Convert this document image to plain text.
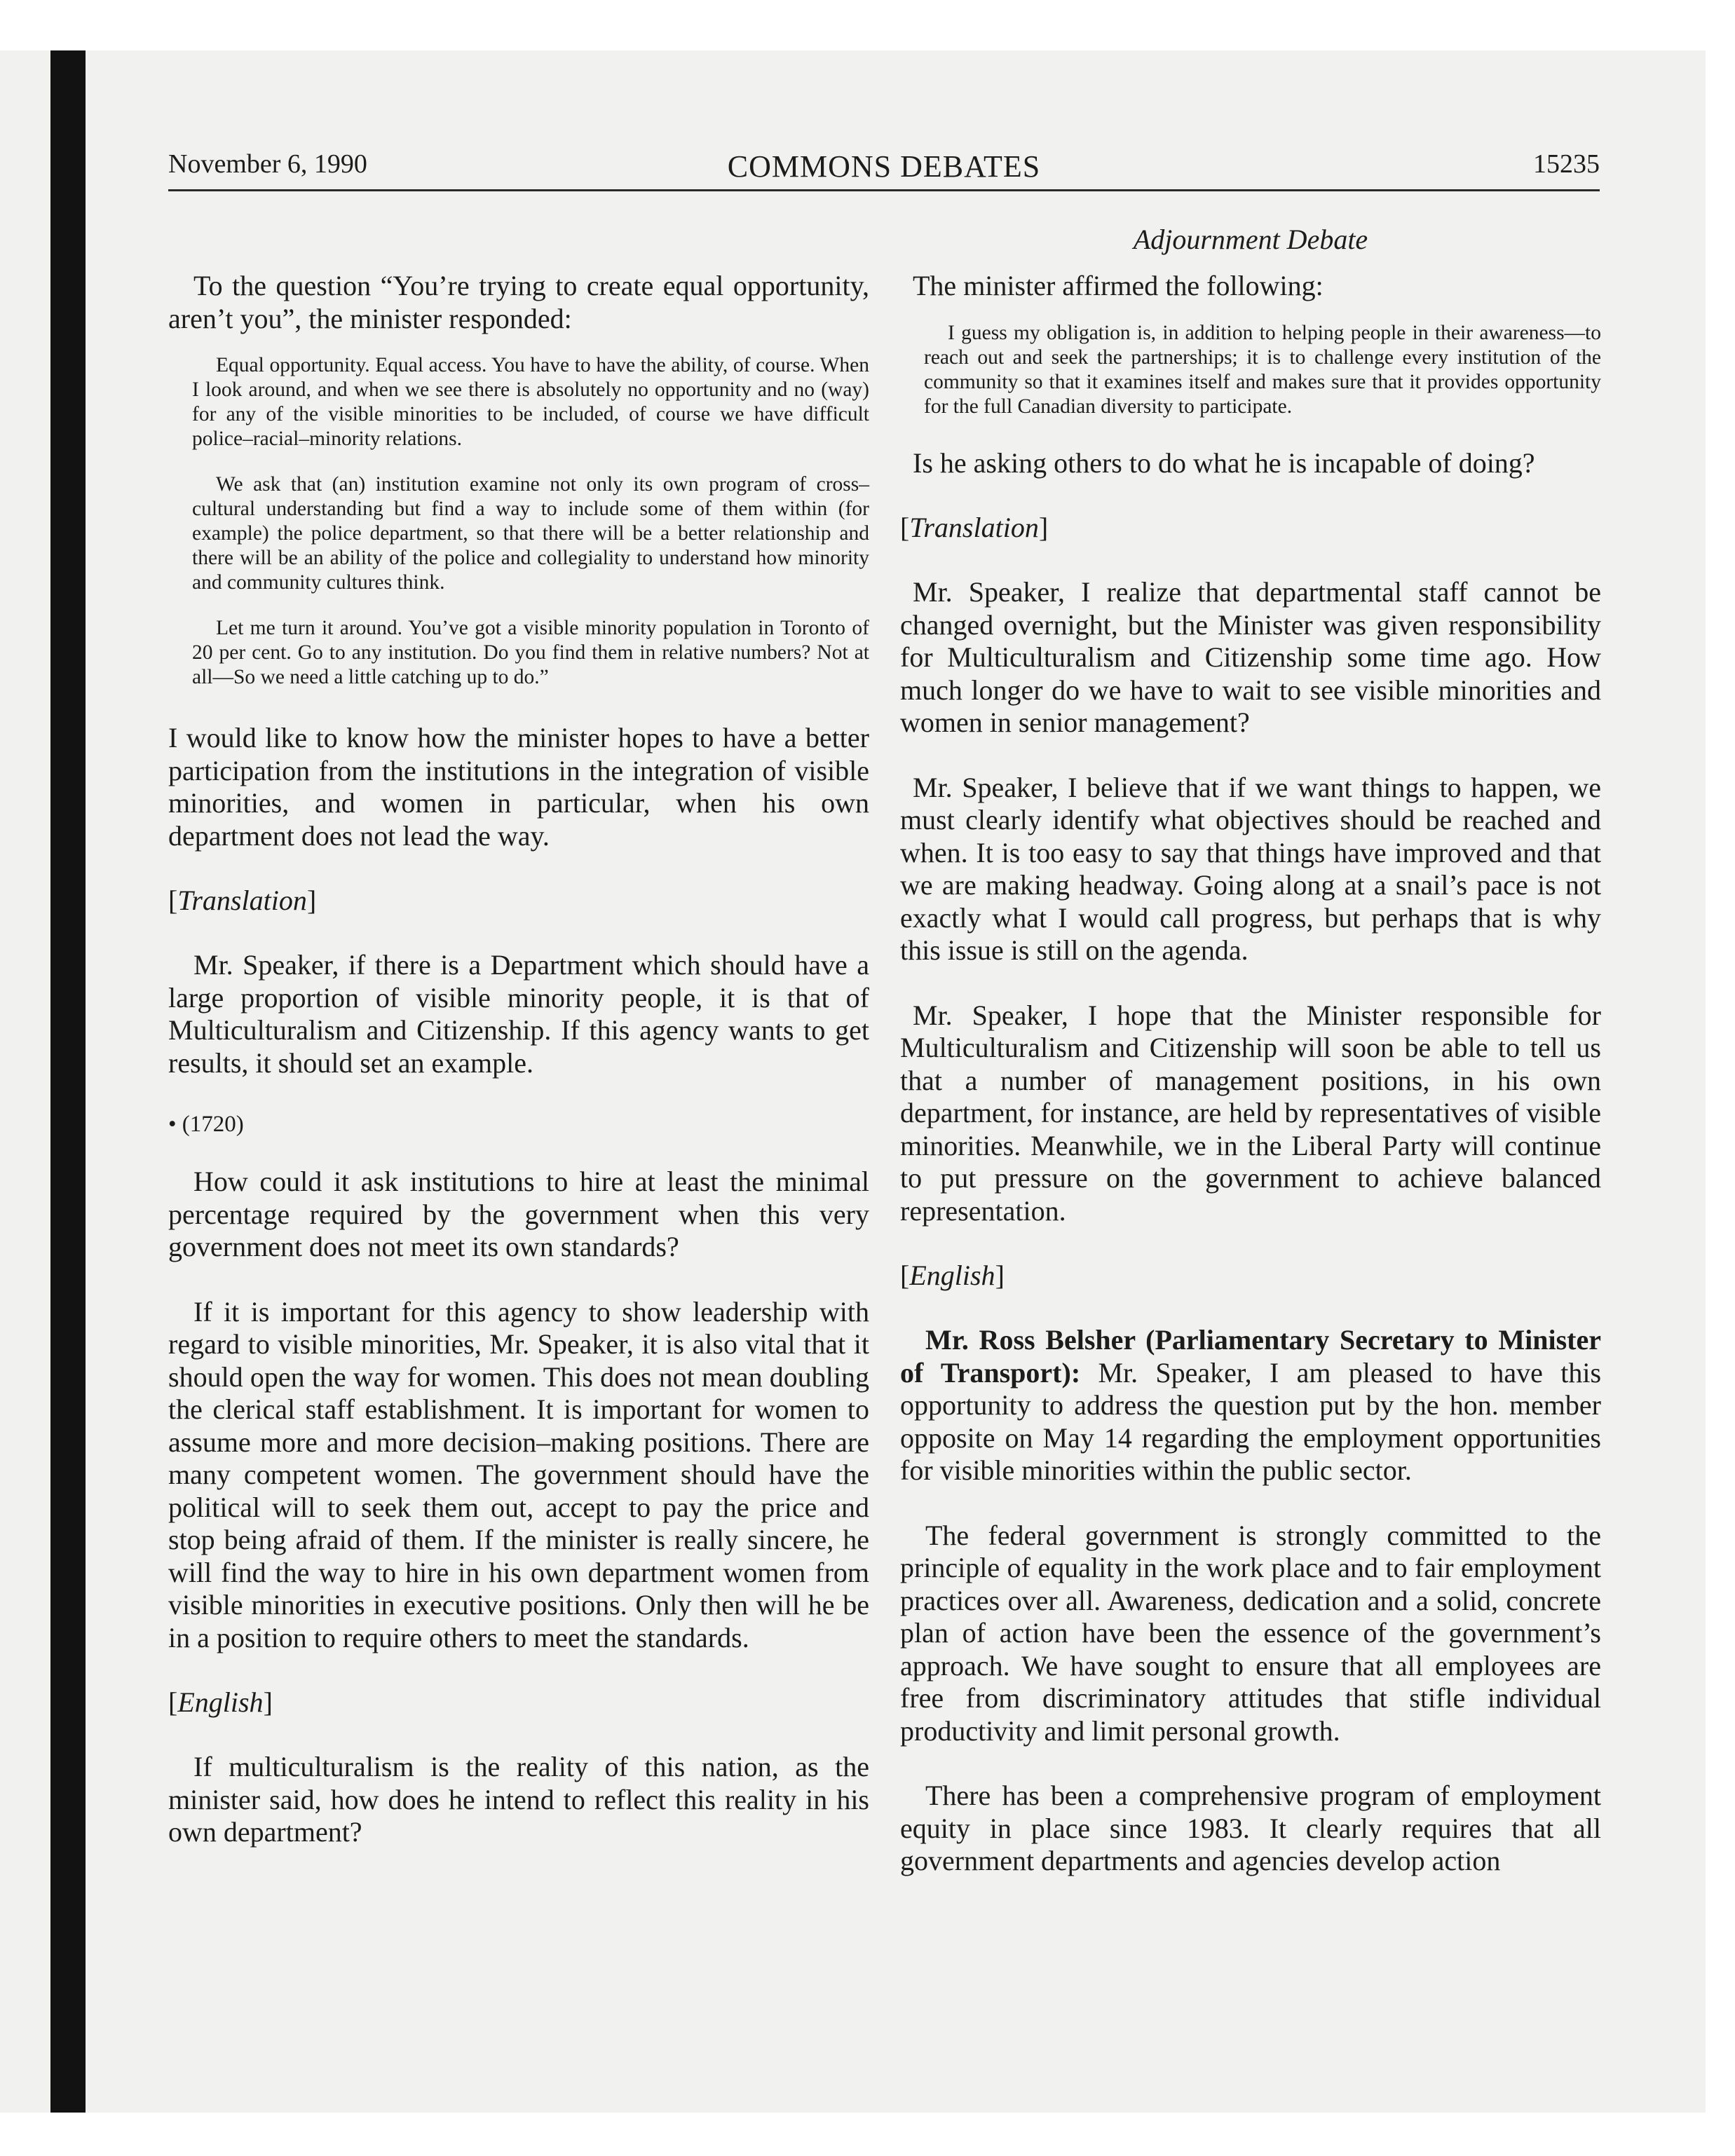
November 6, 1990	COMMONS DEBATES	15235

To the question “You’re trying to create equal opportunity, aren’t you”, the minister responded:

Equal opportunity. Equal access. You have to have the ability, of course. When I look around, and when we see there is absolutely no opportunity and no (way) for any of the visible minorities to be included, of course we have difficult police–racial–minority relations.

We ask that (an) institution examine not only its own program of cross–cultural understanding but find a way to include some of them within (for example) the police department, so that there will be a better relationship and there will be an ability of the police and collegiality to understand how minority and community cultures think.

Let me turn it around. You’ve got a visible minority population in Toronto of 20 per cent. Go to any institution. Do you find them in relative numbers? Not at all—So we need a little catching up to do.”

I would like to know how the minister hopes to have a better participation from the institutions in the integration of visible minorities, and women in particular, when his own department does not lead the way.

[Translation]

Mr. Speaker, if there is a Department which should have a large proportion of visible minority people, it is that of Multiculturalism and Citizenship. If this agency wants to get results, it should set an example.

• (1720)

How could it ask institutions to hire at least the minimal percentage required by the government when this very government does not meet its own standards?

If it is important for this agency to show leadership with regard to visible minorities, Mr. Speaker, it is also vital that it should open the way for women. This does not mean doubling the clerical staff establishment. It is important for women to assume more and more decision–making positions. There are many competent women. The government should have the political will to seek them out, accept to pay the price and stop being afraid of them. If the minister is really sincere, he will find the way to hire in his own department women from visible minorities in executive positions. Only then will he be in a position to require others to meet the standards.

[English]

If multiculturalism is the reality of this nation, as the minister said, how does he intend to reflect this reality in his own department?

Adjournment Debate

The minister affirmed the following:

I guess my obligation is, in addition to helping people in their awareness—to reach out and seek the partnerships; it is to challenge every institution of the community so that it examines itself and makes sure that it provides opportunity for the full Canadian diversity to participate.

Is he asking others to do what he is incapable of doing?

[Translation]

Mr. Speaker, I realize that departmental staff cannot be changed overnight, but the Minister was given responsibility for Multiculturalism and Citizenship some time ago. How much longer do we have to wait to see visible minorities and women in senior management?

Mr. Speaker, I believe that if we want things to happen, we must clearly identify what objectives should be reached and when. It is too easy to say that things have improved and that we are making headway. Going along at a snail’s pace is not exactly what I would call progress, but perhaps that is why this issue is still on the agenda.

Mr. Speaker, I hope that the Minister responsible for Multiculturalism and Citizenship will soon be able to tell us that a number of management positions, in his own department, for instance, are held by representatives of visible minorities. Meanwhile, we in the Liberal Party will continue to put pressure on the government to achieve balanced representation.

[English]

Mr. Ross Belsher (Parliamentary Secretary to Minister of Transport): Mr. Speaker, I am pleased to have this opportunity to address the question put by the hon. member opposite on May 14 regarding the employment opportunities for visible minorities within the public sector.

The federal government is strongly committed to the principle of equality in the work place and to fair employment practices over all. Awareness, dedication and a solid, concrete plan of action have been the essence of the government’s approach. We have sought to ensure that all employees are free from discriminatory attitudes that stifle individual productivity and limit personal growth.

There has been a comprehensive program of employment equity in place since 1983. It clearly requires that all government departments and agencies develop action
